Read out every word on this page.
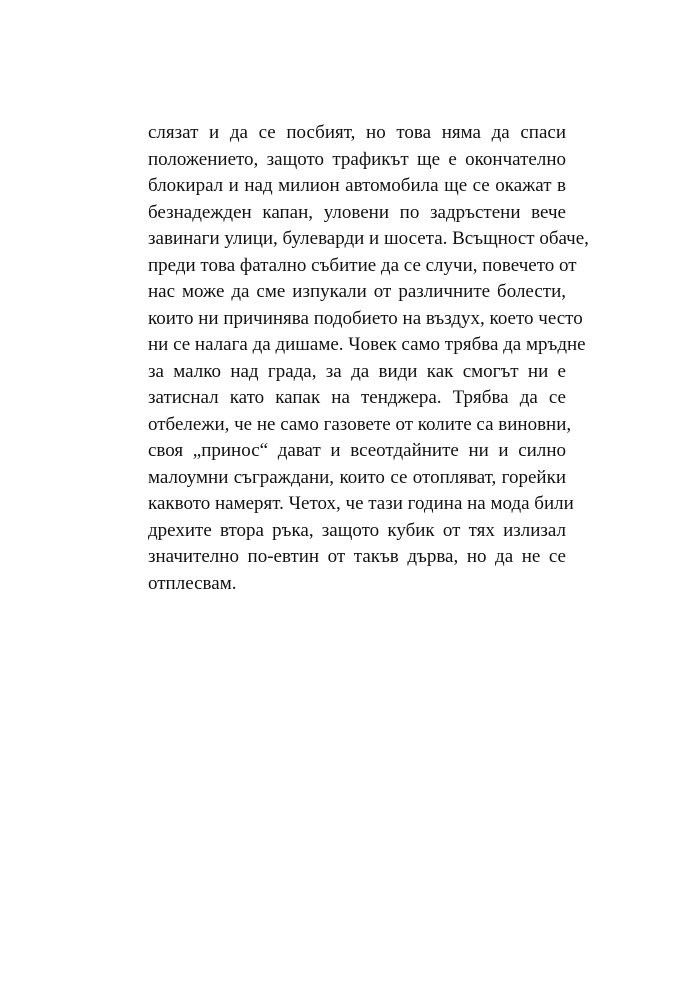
слязат и да се посбият, но това няма да спаси
положението, защото трафикът ще е окончателно
блокирал и над милион автомобила ще се окажат в
безнадежден капан, уловени по задръстени вече
завинаги улици, булеварди и шосета. Всъщност обаче,
преди това фатално събитие да се случи, повечето от
нас може да сме изпукали от различните болести,
които ни причинява подобието на въздух, което често
ни се налага да дишаме. Човек само трябва да мръдне
за малко над града, за да види как смогът ни е
затиснал като капак на тенджера. Трябва да се
отбележи, че не само газовете от колите са виновни,
своя „принос“ дават и всеотдайните ни и силно
малоумни съграждани, които се отопляват, горейки
каквото намерят. Четох, че тази година на мода били
дрехите втора ръка, защото кубик от тях излизал
значително по-евтин от такъв дърва, но да не се
отплесвам.
